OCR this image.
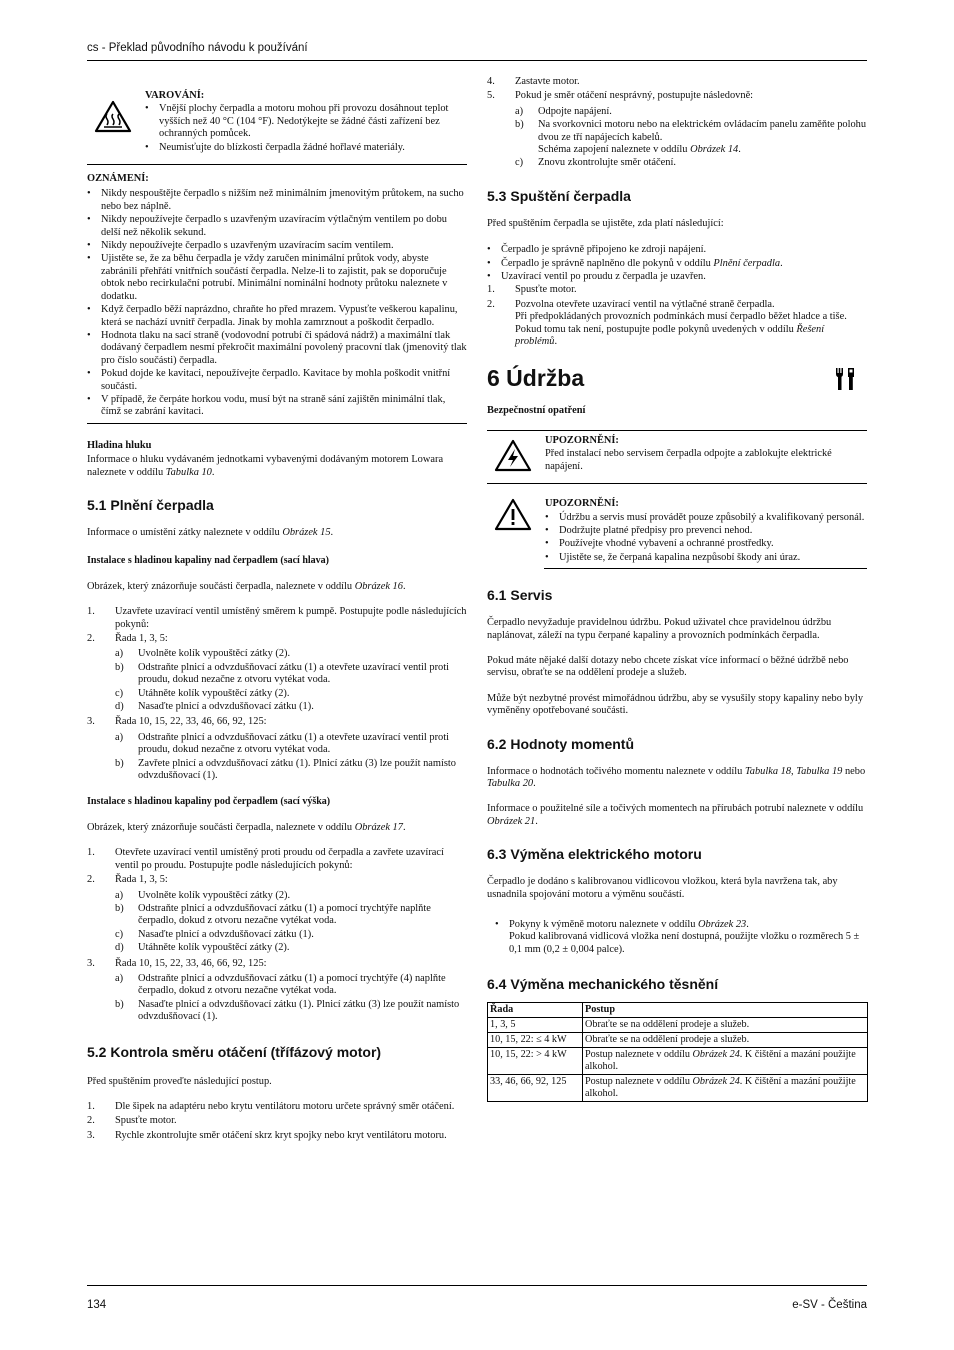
cs - Překlad původního návodu k používání
VAROVÁNÍ:
• Vnější plochy čerpadla a motoru mohou při provozu dosáhnout teplot vyšších než 40 °C (104 °F). Nedotýkejte se žádné části zařízení bez ochranných pomůcek.
• Neumisťujte do blízkosti čerpadla žádné hořlavé materiály.
OZNÁMENÍ:
• Nikdy nespouštějte čerpadlo s nižším než minimálním jmenovitým průtokem, na sucho nebo bez náplně.
• Nikdy nepoužívejte čerpadlo s uzavřeným uzavíracím výtlačným ventilem po dobu delší než několik sekund.
• Nikdy nepoužívejte čerpadlo s uzavřeným uzavíracím sacím ventilem.
• Ujistěte se, že za běhu čerpadla je vždy zaručen minimální průtok vody, abyste zabránili přehřátí vnitřních součástí čerpadla. Nelze-li to zajistit, pak se doporučuje obtok nebo recirkulační potrubí. Minimální nominální hodnoty průtoku naleznete v dodatku.
• Když čerpadlo běží naprázdno, chraňte ho před mrazem. Vypusťte veškerou kapalinu, která se nachází uvnitř čerpadla. Jinak by mohla zamrznout a poškodit čerpadlo.
• Hodnota tlaku na sací straně (vodovodní potrubí či spádová nádrž) a maximální tlak dodávaný čerpadlem nesmí překročit maximální povolený pracovní tlak (jmenovitý tlak pro číslo součásti) čerpadla.
• Pokud dojde ke kavitaci, nepoužívejte čerpadlo. Kavitace by mohla poškodit vnitřní součásti.
• V případě, že čerpáte horkou vodu, musí být na straně sání zajištěn minimální tlak, čímž se zabrání kavitaci.
Hladina hluku

Informace o hluku vydávaném jednotkami vybavenými dodávaným motorem Lowara naleznete v oddílu Tabulka 10.

5.1 Plnění čerpadla

Informace o umístění zátky naleznete v oddílu Obrázek 15.

Instalace s hladinou kapaliny nad čerpadlem (sací hlava)

Obrázek, který znázorňuje součásti čerpadla, naleznete v oddílu Obrázek 16.

1. Uzavřete uzavírací ventil umístěný směrem k pumpě. Postupujte podle následujících pokynů:
2. Řada 1, 3, 5:
a) Uvolněte kolík vypouštěcí zátky (2).
b) Odstraňte plnicí a odvzdušňovací zátku (1) a otevřete uzavírací ventil proti proudu, dokud nezačne z otvoru vytékat voda.
c) Utáhněte kolík vypouštěcí zátky (2).
d) Nasaďte plnicí a odvzdušňovací zátku (1).
3. Řada 10, 15, 22, 33, 46, 66, 92, 125:
a) Odstraňte plnicí a odvzdušňovací zátku (1) a otevřete uzavírací ventil proti proudu, dokud nezačne z otvoru vytékat voda.
b) Zavřete plnicí a odvzdušňovací zátku (1). Plnicí zátku (3) lze použít namísto odvzdušňovací (1).
Instalace s hladinou kapaliny pod čerpadlem (sací výška)

Obrázek, který znázorňuje součásti čerpadla, naleznete v oddílu Obrázek 17.

1. Otevřete uzavírací ventil umístěný proti proudu od čerpadla a zavřete uzavírací ventil po proudu. Postupujte podle následujících pokynů:
2. Řada 1, 3, 5:
a) Uvolněte kolík vypouštěcí zátky (2).
b) Odstraňte plnicí a odvzdušňovací zátku (1) a pomocí trychtýře naplňte čerpadlo, dokud z otvoru nezačne vytékat voda.
c) Nasaďte plnicí a odvzdušňovací zátku (1).
d) Utáhněte kolík vypouštěcí zátky (2).
3. Řada 10, 15, 22, 33, 46, 66, 92, 125:
a) Odstraňte plnicí a odvzdušňovací zátku (1) a pomocí trychtýře (4) naplňte čerpadlo, dokud z otvoru nezačne vytékat voda.
b) Nasaďte plnicí a odvzdušňovací zátku (1). Plnicí zátku (3) lze použít namísto odvzdušňovací (1).
5.2 Kontrola směru otáčení (třífázový motor)

Před spuštěním proveďte následující postup.

1. Dle šipek na adaptéru nebo krytu ventilátoru motoru určete správný směr otáčení.
2. Spusťte motor.
3. Rychle zkontrolujte směr otáčení skrz kryt spojky nebo kryt ventilátoru motoru.
4. Zastavte motor.
5. Pokud je směr otáčení nesprávný, postupujte následovně:
a) Odpojte napájení.
b) Na svorkovnici motoru nebo na elektrickém ovládacím panelu zaměňte polohu dvou ze tří napájecích kabelů.
Schéma zapojení naleznete v oddílu Obrázek 14.
c) Znovu zkontrolujte směr otáčení.
5.3 Spuštění čerpadla

Před spuštěním čerpadla se ujistěte, zda platí následující:

• Čerpadlo je správně připojeno ke zdroji napájení.
• Čerpadlo je správně naplněno dle pokynů v oddílu Plnění čerpadla.
• Uzavírací ventil po proudu z čerpadla je uzavřen.
1. Spusťte motor.
2. Pozvolna otevřete uzavírací ventil na výtlačné straně čerpadla.
Při předpokládaných provozních podmínkách musí čerpadlo běžet hladce a tiše. Pokud tomu tak není, postupujte podle pokynů uvedených v oddílu Řešení problémů.
6 Údržba
Bezpečnostní opatření
UPOZORNĚNÍ:
Před instalací nebo servisem čerpadla odpojte a zablokujte elektrické napájení.
UPOZORNĚNÍ:
• Údržbu a servis musí provádět pouze způsobilý a kvalifikovaný personál.
• Dodržujte platné předpisy pro prevenci nehod.
• Používejte vhodné vybavení a ochranné prostředky.
• Ujistěte se, že čerpaná kapalina nezpůsobí škody ani úraz.
6.1 Servis

Čerpadlo nevyžaduje pravidelnou údržbu. Pokud uživatel chce pravidelnou údržbu naplánovat, záleží na typu čerpané kapaliny a provozních podmínkách čerpadla.

Pokud máte nějaké další dotazy nebo chcete získat více informací o běžné údržbě nebo servisu, obraťte se na oddělení prodeje a služeb.

Může být nezbytné provést mimořádnou údržbu, aby se vysušily stopy kapaliny nebo byly vyměněny opotřebované součásti.

6.2 Hodnoty momentů

Informace o hodnotách točivého momentu naleznete v oddílu Tabulka 18, Tabulka 19 nebo Tabulka 20.

Informace o použitelné síle a točivých momentech na přírubách potrubí naleznete v oddílu Obrázek 21.

6.3 Výměna elektrického motoru

Čerpadlo je dodáno s kalibrovanou vidlicovou vložkou, která byla navržena tak, aby usnadnila spojování motoru a výměnu součástí.

• Pokyny k výměně motoru naleznete v oddílu Obrázek 23.
Pokud kalibrovaná vidlicová vložka není dostupná, použijte vložku o rozměrech 5 ± 0,1 mm (0,2 ± 0,004 palce).
6.4 Výměna mechanického těsnění
Řada	Postup
1, 3, 5	Obraťte se na oddělení prodeje a služeb.
10, 15, 22: ≤ 4 kW	Obraťte se na oddělení prodeje a služeb.
10, 15, 22: > 4 kW	Postup naleznete v oddílu Obrázek 24. K čištění a mazání použijte alkohol.
33, 46, 66, 92, 125	Postup naleznete v oddílu Obrázek 24. K čištění a mazání použijte alkohol.
134	e-SV - Čeština
